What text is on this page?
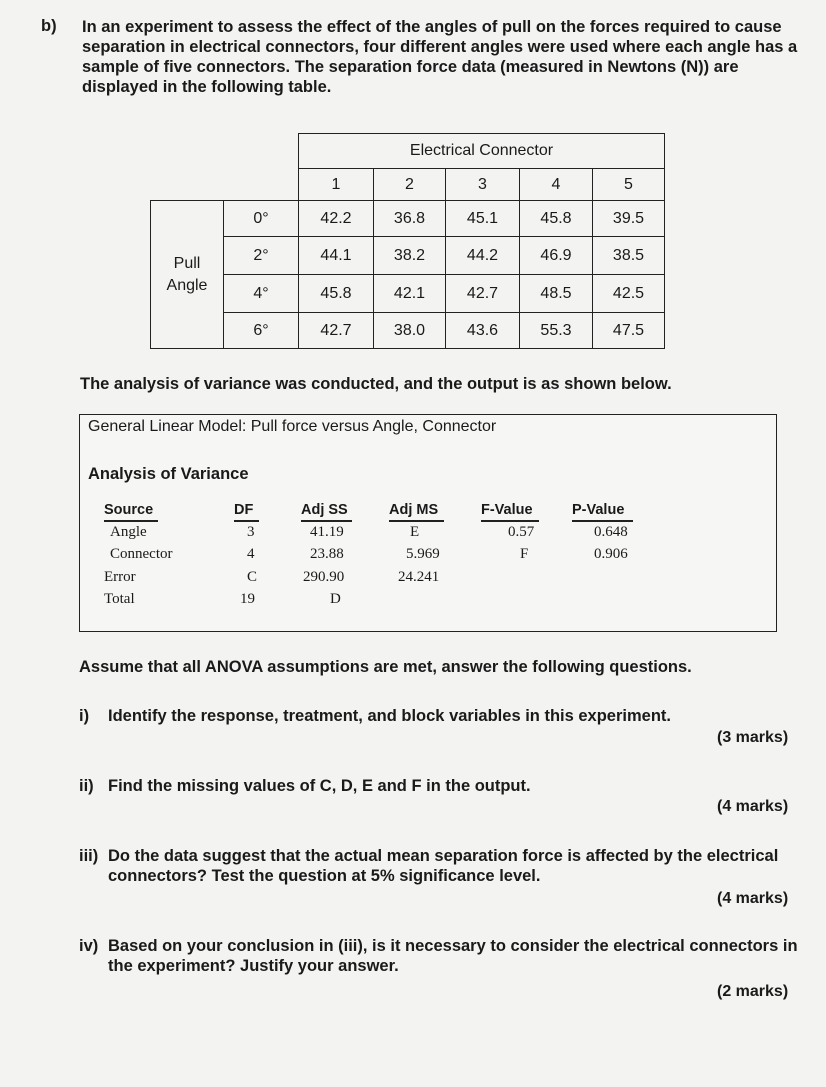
b) In an experiment to assess the effect of the angles of pull on the forces required to cause separation in electrical connectors, four different angles were used where each angle has a sample of five connectors. The separation force data (measured in Newtons (N)) are displayed in the following table.
		Electrical Connector				
		1	2	3	4	5
Pull
Angle	0°	42.2	36.8	45.1	45.8	39.5
	2°	44.1	38.2	44.2	46.9	38.5
	4°	45.8	42.1	42.7	48.5	42.5
	6°	42.7	38.0	43.6	55.3	47.5
The analysis of variance was conducted, and the output is as shown below.
General Linear Model: Pull force versus Angle, Connector
Analysis of Variance
Source	DF	Adj SS	Adj MS	F-Value	P-Value
Angle	3	41.19	E	0.57	0.648
Connector	4	23.88	5.969	F	0.906
Error	C	290.90	24.241
Total	19	D
Assume that all ANOVA assumptions are met, answer the following questions.
i) Identify the response, treatment, and block variables in this experiment.
(3 marks)
ii) Find the missing values of C, D, E and F in the output.
(4 marks)
iii) Do the data suggest that the actual mean separation force is affected by the electrical connectors? Test the question at 5% significance level.
(4 marks)
iv) Based on your conclusion in (iii), is it necessary to consider the electrical connectors in the experiment? Justify your answer.
(2 marks)
